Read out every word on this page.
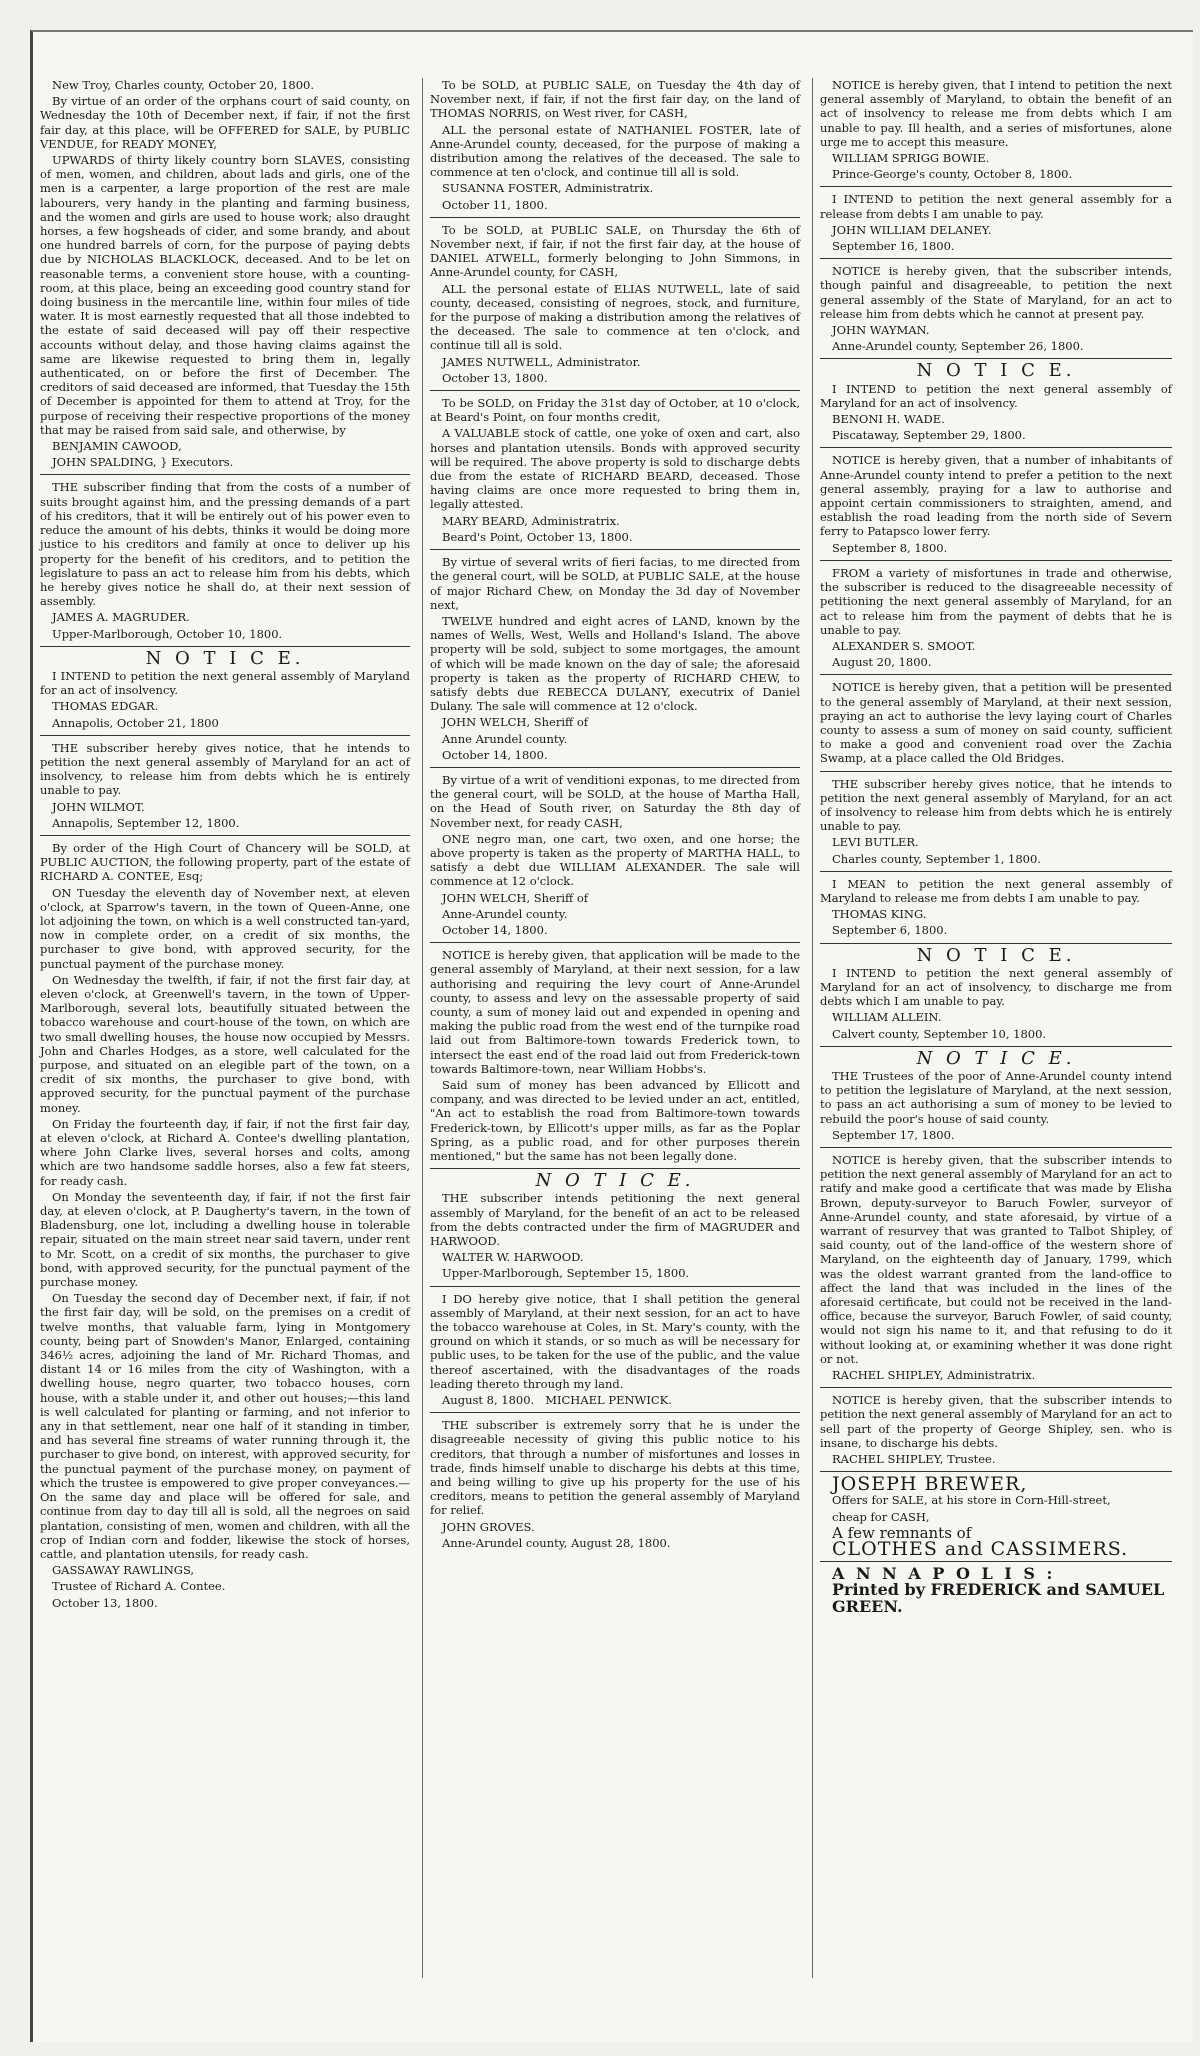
New Troy, Charles county, October 20, 1800.

By virtue of an order of the orphans court of said county, on Wednesday the 10th of December next, if fair, if not the first fair day, at this place, will be OFFERED for SALE, by PUBLIC VENDUE, for READY MONEY,

UPWARDS of thirty likely country born SLAVES, consisting of men, women, and children, about lads and girls, one of the men is a carpenter, a large proportion of the rest are male labourers, very handy in the planting and farming business, and the women and girls are used to house work; also draught horses, a few hogsheads of cider, and some brandy, and about one hundred barrels of corn, for the purpose of paying debts due by NICHOLAS BLACKLOCK, deceased. And to be let on reasonable terms, a convenient store house, with a counting-room, at this place, being an exceeding good country stand for doing business in the mercantile line, within four miles of tide water. It is most earnestly requested that all those indebted to the estate of said deceased will pay off their respective accounts without delay, and those having claims against the same are likewise requested to bring them in, legally authenticated, on or before the first of December. The creditors of said deceased are informed, that Tuesday the 15th of December is appointed for them to attend at Troy, for the purpose of receiving their respective proportions of the money that may be raised from said sale, and otherwise, by

BENJAMIN CAWOOD,

JOHN SPALDING, } Executors.

THE subscriber finding that from the costs of a number of suits brought against him, and the pressing demands of a part of his creditors, that it will be entirely out of his power even to reduce the amount of his debts, thinks it would be doing more justice to his creditors and family at once to deliver up his property for the benefit of his creditors, and to petition the legislature to pass an act to release him from his debts, which he hereby gives notice he shall do, at their next session of assembly.

JAMES A. MAGRUDER.

Upper-Marlborough, October 10, 1800.

N O T I C E.

I INTEND to petition the next general assembly of Maryland for an act of insolvency.

THOMAS EDGAR.

Annapolis, October 21, 1800

THE subscriber hereby gives notice, that he intends to petition the next general assembly of Maryland for an act of insolvency, to release him from debts which he is entirely unable to pay.

JOHN WILMOT.

Annapolis, September 12, 1800.

By order of the High Court of Chancery will be SOLD, at PUBLIC AUCTION, the following property, part of the estate of RICHARD A. CONTEE, Esq;

ON Tuesday the eleventh day of November next, at eleven o'clock, at Sparrow's tavern, in the town of Queen-Anne, one lot adjoining the town, on which is a well constructed tan-yard, now in complete order, on a credit of six months, the purchaser to give bond, with approved security, for the punctual payment of the purchase money.

On Wednesday the twelfth, if fair, if not the first fair day, at eleven o'clock, at Greenwell's tavern, in the town of Upper-Marlborough, several lots, beautifully situated between the tobacco warehouse and court-house of the town, on which are two small dwelling houses, the house now occupied by Messrs. John and Charles Hodges, as a store, well calculated for the purpose, and situated on an elegible part of the town, on a credit of six months, the purchaser to give bond, with approved security, for the punctual payment of the purchase money.

On Friday the fourteenth day, if fair, if not the first fair day, at eleven o'clock, at Richard A. Contee's dwelling plantation, where John Clarke lives, several horses and colts, among which are two handsome saddle horses, also a few fat steers, for ready cash.

On Monday the seventeenth day, if fair, if not the first fair day, at eleven o'clock, at P. Daugherty's tavern, in the town of Bladensburg, one lot, including a dwelling house in tolerable repair, situated on the main street near said tavern, under rent to Mr. Scott, on a credit of six months, the purchaser to give bond, with approved security, for the punctual payment of the purchase money.

On Tuesday the second day of December next, if fair, if not the first fair day, will be sold, on the premises on a credit of twelve months, that valuable farm, lying in Montgomery county, being part of Snowden's Manor, Enlarged, containing 346½ acres, adjoining the land of Mr. Richard Thomas, and distant 14 or 16 miles from the city of Washington, with a dwelling house, negro quarter, two tobacco houses, corn house, with a stable under it, and other out houses;—this land is well calculated for planting or farming, and not inferior to any in that settlement, near one half of it standing in timber, and has several fine streams of water running through it, the purchaser to give bond, on interest, with approved security, for the punctual payment of the purchase money, on payment of which the trustee is empowered to give proper conveyances.—On the same day and place will be offered for sale, and continue from day to day till all is sold, all the negroes on said plantation, consisting of men, women and children, with all the crop of Indian corn and fodder, likewise the stock of horses, cattle, and plantation utensils, for ready cash.

GASSAWAY RAWLINGS,

Trustee of Richard A. Contee.

October 13, 1800.

To be SOLD, at PUBLIC SALE, on Tuesday the 4th day of November next, if fair, if not the first fair day, on the land of THOMAS NORRIS, on West river, for CASH,

ALL the personal estate of NATHANIEL FOSTER, late of Anne-Arundel county, deceased, for the purpose of making a distribution among the relatives of the deceased. The sale to commence at ten o'clock, and continue till all is sold.

SUSANNA FOSTER, Administratrix.

October 11, 1800.

To be SOLD, at PUBLIC SALE, on Thursday the 6th of November next, if fair, if not the first fair day, at the house of DANIEL ATWELL, formerly belonging to John Simmons, in Anne-Arundel county, for CASH,

ALL the personal estate of ELIAS NUTWELL, late of said county, deceased, consisting of negroes, stock, and furniture, for the purpose of making a distribution among the relatives of the deceased. The sale to commence at ten o'clock, and continue till all is sold.

JAMES NUTWELL, Administrator.

October 13, 1800.

To be SOLD, on Friday the 31st day of October, at 10 o'clock, at Beard's Point, on four months credit,

A VALUABLE stock of cattle, one yoke of oxen and cart, also horses and plantation utensils. Bonds with approved security will be required. The above property is sold to discharge debts due from the estate of RICHARD BEARD, deceased. Those having claims are once more requested to bring them in, legally attested.

MARY BEARD, Administratrix.

Beard's Point, October 13, 1800.

By virtue of several writs of fieri facias, to me directed from the general court, will be SOLD, at PUBLIC SALE, at the house of major Richard Chew, on Monday the 3d day of November next,

TWELVE hundred and eight acres of LAND, known by the names of Wells, West, Wells and Holland's Island. The above property will be sold, subject to some mortgages, the amount of which will be made known on the day of sale; the aforesaid property is taken as the property of RICHARD CHEW, to satisfy debts due REBECCA DULANY, executrix of Daniel Dulany. The sale will commence at 12 o'clock.

JOHN WELCH, Sheriff of

Anne Arundel county.

October 14, 1800.

By virtue of a writ of venditioni exponas, to me directed from the general court, will be SOLD, at the house of Martha Hall, on the Head of South river, on Saturday the 8th day of November next, for ready CASH,

ONE negro man, one cart, two oxen, and one horse; the above property is taken as the property of MARTHA HALL, to satisfy a debt due WILLIAM ALEXANDER. The sale will commence at 12 o'clock.

JOHN WELCH, Sheriff of

Anne-Arundel county.

October 14, 1800.

NOTICE is hereby given, that application will be made to the general assembly of Maryland, at their next session, for a law authorising and requiring the levy court of Anne-Arundel county, to assess and levy on the assessable property of said county, a sum of money laid out and expended in opening and making the public road from the west end of the turnpike road laid out from Baltimore-town towards Frederick town, to intersect the east end of the road laid out from Frederick-town towards Baltimore-town, near William Hobbs's.

Said sum of money has been advanced by Ellicott and company, and was directed to be levied under an act, entitled, "An act to establish the road from Baltimore-town towards Frederick-town, by Ellicott's upper mills, as far as the Poplar Spring, as a public road, and for other purposes therein mentioned," but the same has not been legally done.

N O T I C E.

THE subscriber intends petitioning the next general assembly of Maryland, for the benefit of an act to be released from the debts contracted under the firm of MAGRUDER and HARWOOD.

WALTER W. HARWOOD.

Upper-Marlborough, September 15, 1800.

I DO hereby give notice, that I shall petition the general assembly of Maryland, at their next session, for an act to have the tobacco warehouse at Coles, in St. Mary's county, with the ground on which it stands, or so much as will be necessary for public uses, to be taken for the use of the public, and the value thereof ascertained, with the disadvantages of the roads leading thereto through my land.

August 8, 1800. MICHAEL PENWICK.

THE subscriber is extremely sorry that he is under the disagreeable necessity of giving this public notice to his creditors, that through a number of misfortunes and losses in trade, finds himself unable to discharge his debts at this time, and being willing to give up his property for the use of his creditors, means to petition the general assembly of Maryland for relief.

JOHN GROVES.

Anne-Arundel county, August 28, 1800.

NOTICE is hereby given, that I intend to petition the next general assembly of Maryland, to obtain the benefit of an act of insolvency to release me from debts which I am unable to pay. Ill health, and a series of misfortunes, alone urge me to accept this measure.

WILLIAM SPRIGG BOWIE.

Prince-George's county, October 8, 1800.

I INTEND to petition the next general assembly for a release from debts I am unable to pay.

JOHN WILLIAM DELANEY.

September 16, 1800.

NOTICE is hereby given, that the subscriber intends, though painful and disagreeable, to petition the next general assembly of the State of Maryland, for an act to release him from debts which he cannot at present pay.

JOHN WAYMAN.

Anne-Arundel county, September 26, 1800.

N O T I C E.

I INTEND to petition the next general assembly of Maryland for an act of insolvency.

BENONI H. WADE.

Piscataway, September 29, 1800.

NOTICE is hereby given, that a number of inhabitants of Anne-Arundel county intend to prefer a petition to the next general assembly, praying for a law to authorise and appoint certain commissioners to straighten, amend, and establish the road leading from the north side of Severn ferry to Patapsco lower ferry.

September 8, 1800.

FROM a variety of misfortunes in trade and otherwise, the subscriber is reduced to the disagreeable necessity of petitioning the next general assembly of Maryland, for an act to release him from the payment of debts that he is unable to pay.

ALEXANDER S. SMOOT.

August 20, 1800.

NOTICE is hereby given, that a petition will be presented to the general assembly of Maryland, at their next session, praying an act to authorise the levy laying court of Charles county to assess a sum of money on said county, sufficient to make a good and convenient road over the Zachia Swamp, at a place called the Old Bridges.

THE subscriber hereby gives notice, that he intends to petition the next general assembly of Maryland, for an act of insolvency to release him from debts which he is entirely unable to pay.

LEVI BUTLER.

Charles county, September 1, 1800.

I MEAN to petition the next general assembly of Maryland to release me from debts I am unable to pay.

THOMAS KING.

September 6, 1800.

N O T I C E.

I INTEND to petition the next general assembly of Maryland for an act of insolvency, to discharge me from debts which I am unable to pay.

WILLIAM ALLEIN.

Calvert county, September 10, 1800.

N O T I C E.

THE Trustees of the poor of Anne-Arundel county intend to petition the legislature of Maryland, at the next session, to pass an act authorising a sum of money to be levied to rebuild the poor's house of said county.

September 17, 1800.

NOTICE is hereby given, that the subscriber intends to petition the next general assembly of Maryland for an act to ratify and make good a certificate that was made by Elisha Brown, deputy-surveyor to Baruch Fowler, surveyor of Anne-Arundel county, and state aforesaid, by virtue of a warrant of resurvey that was granted to Talbot Shipley, of said county, out of the land-office of the western shore of Maryland, on the eighteenth day of January, 1799, which was the oldest warrant granted from the land-office to affect the land that was included in the lines of the aforesaid certificate, but could not be received in the land-office, because the surveyor, Baruch Fowler, of said county, would not sign his name to it, and that refusing to do it without looking at, or examining whether it was done right or not.

RACHEL SHIPLEY, Administratrix.

NOTICE is hereby given, that the subscriber intends to petition the next general assembly of Maryland for an act to sell part of the property of George Shipley, sen. who is insane, to discharge his debts.

RACHEL SHIPLEY, Trustee.

JOSEPH BREWER,

Offers for SALE, at his store in Corn-Hill-street,

cheap for CASH,

A few remnants of

CLOTHES and CASSIMERS.

A N N A P O L I S :

Printed by FREDERICK and SAMUEL

GREEN.
